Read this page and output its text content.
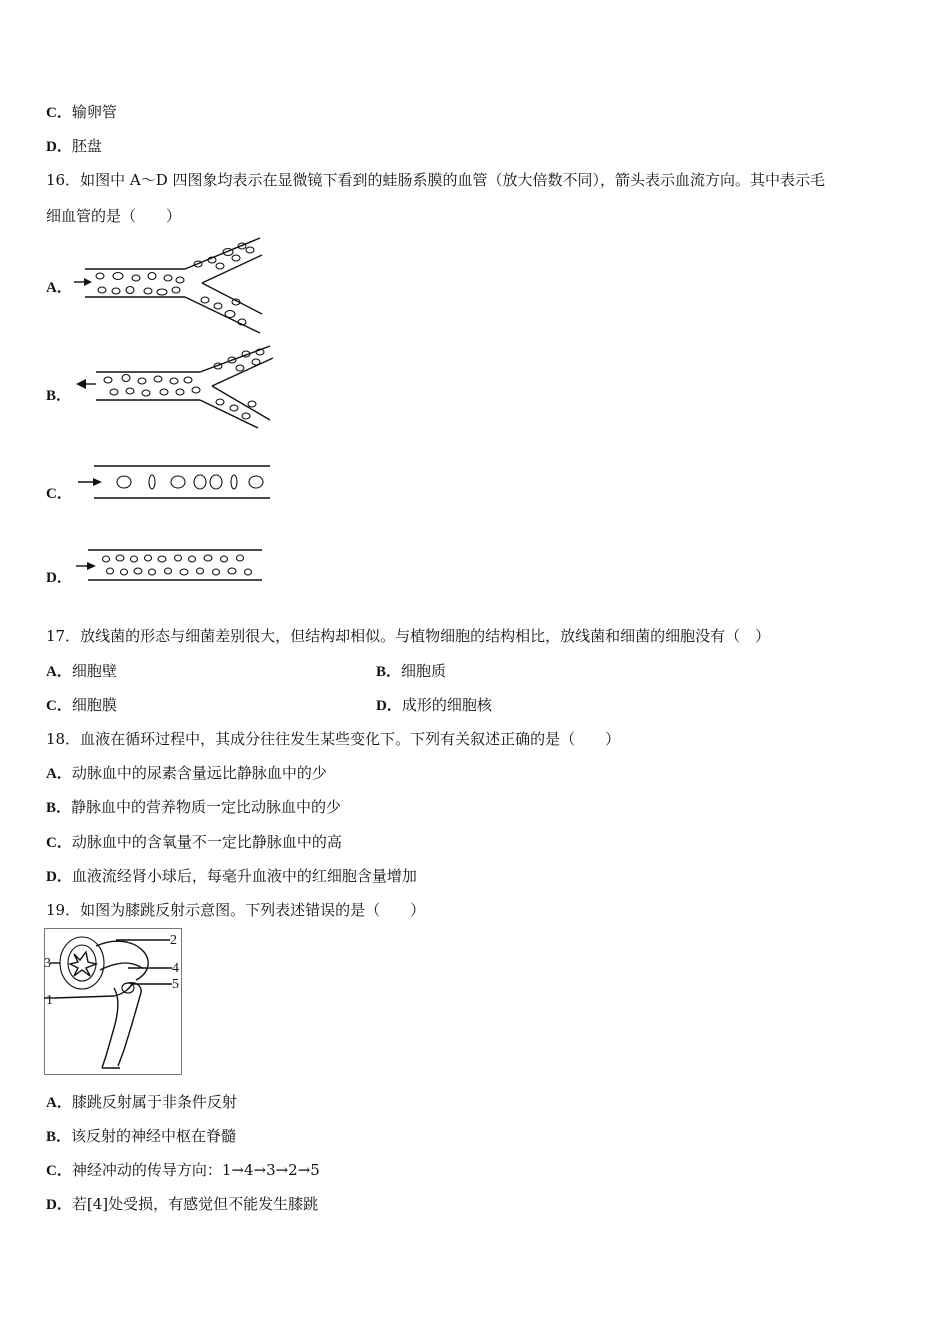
C．输卵管
D．胚盘
16．如图中 A～D 四图象均表示在显微镜下看到的蛙肠系膜的血管（放大倍数不同），箭头表示血流方向。其中表示毛
细血管的是（　　）
A．
B．
C．
D．
17．放线菌的形态与细菌差别很大，但结构却相似。与植物细胞的结构相比，放线菌和细菌的细胞没有（　）
A．细胞壁	B．细胞质
C．细胞膜	D．成形的细胞核
18．血液在循环过程中，其成分往往发生某些变化下。下列有关叙述正确的是（　　）
A．动脉血中的尿素含量远比静脉血中的少
B．静脉血中的营养物质一定比动脉血中的少
C．动脉血中的含氧量不一定比静脉血中的高
D．血液流经肾小球后，每毫升血液中的红细胞含量增加
19．如图为膝跳反射示意图。下列表述错误的是（　　）
2
3	4
5
1
A．膝跳反射属于非条件反射
B．该反射的神经中枢在脊髓
C．神经冲动的传导方向：1→4→3→2→5
D．若[4]处受损，有感觉但不能发生膝跳
